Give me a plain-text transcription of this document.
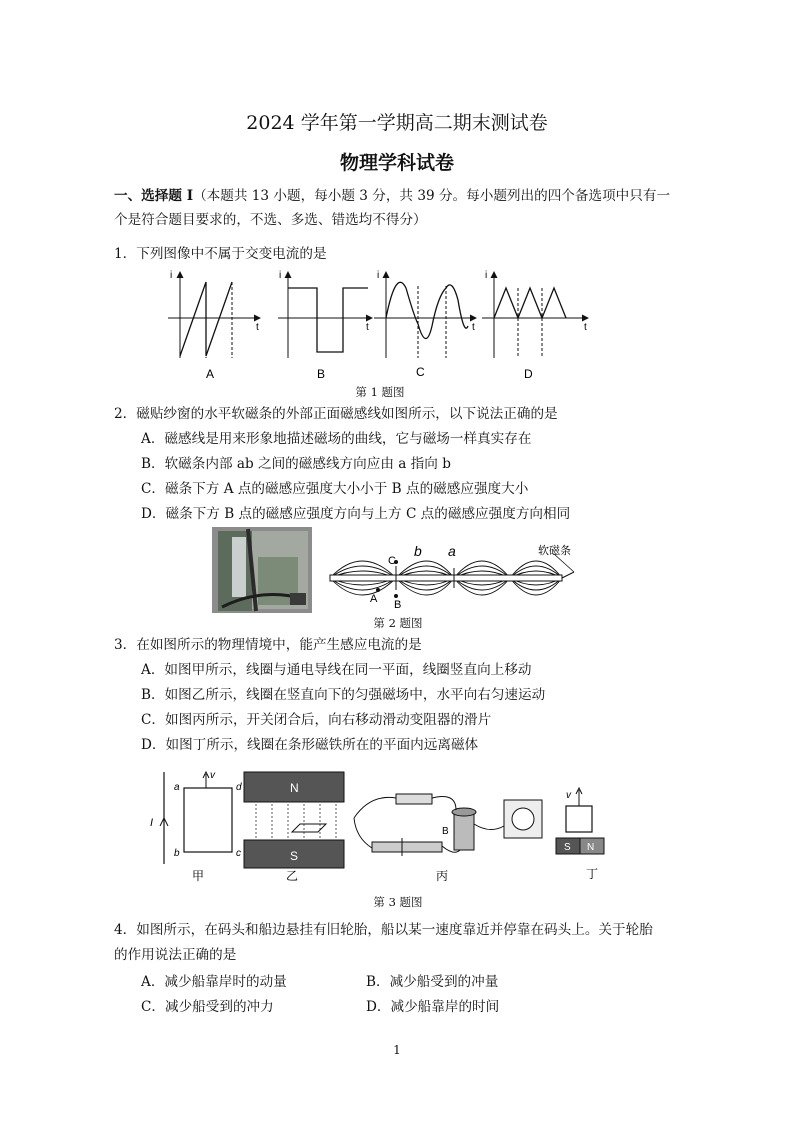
2024 学年第一学期高二期末测试卷
物理学科试卷
一、选择题 I（本题共 13 小题，每小题 3 分，共 39 分。每小题列出的四个备选项中只有一
个是符合题目要求的，不选、多选、错选均不得分）
1．下列图像中不属于交变电流的是
i
t
A
i
t
B
i
t
C
i
t
D
第 1 题图
2．磁贴纱窗的水平软磁条的外部正面磁感线如图所示，以下说法正确的是
A．磁感线是用来形象地描述磁场的曲线，它与磁场一样真实存在
B．软磁条内部 ab 之间的磁感线方向应由 a 指向 b
C．磁条下方 A 点的磁感应强度大小小于 B 点的磁感应强度大小
D．磁条下方 B 点的磁感应强度方向与上方 C 点的磁感应强度方向相同
b a
C
A B
软磁条
第 2 题图
3．在如图所示的物理情境中，能产生感应电流的是
A．如图甲所示，线圈与通电导线在同一平面，线圈竖直向上移动
B．如图乙所示，线圈在竖直向下的匀强磁场中，水平向右匀速运动
C．如图丙所示，开关闭合后，向右移动滑动变阻器的滑片
D．如图丁所示，线圈在条形磁铁所在的平面内远离磁体
I
v
a	d
b	c
甲
N
S
乙
B
丙
v
S N
丁
第 3 题图
4．如图所示，在码头和船边悬挂有旧轮胎，船以某一速度靠近并停靠在码头上。关于轮胎
的作用说法正确的是
A．减少船靠岸时的动量	B．减少船受到的冲量
C．减少船受到的冲力	D．减少船靠岸的时间
1
